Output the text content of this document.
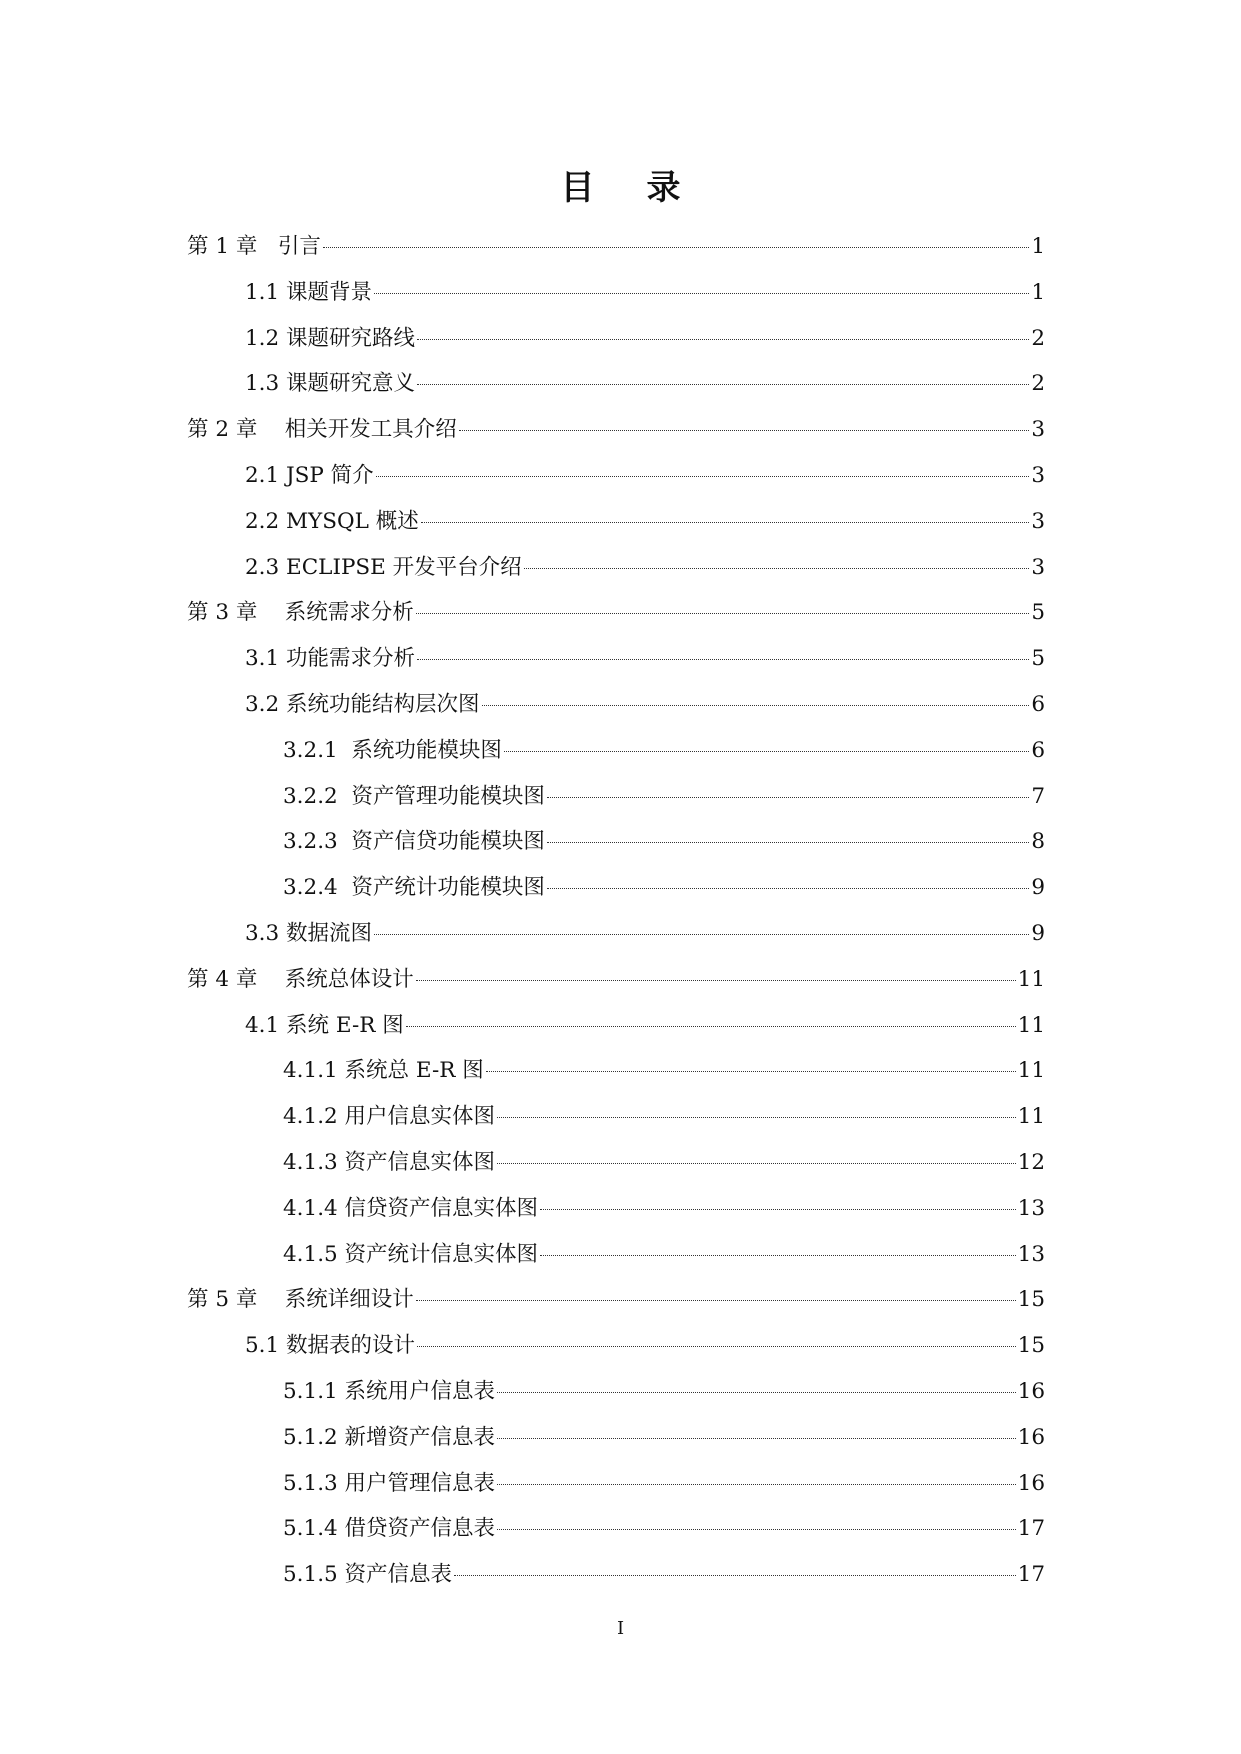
目录
第 1 章 引言	1
1.1 课题背景	1
1.2 课题研究路线	2
1.3 课题研究意义	2
第 2 章 相关开发工具介绍	3
2.1 JSP 简介	3
2.2 MYSQL 概述	3
2.3 ECLIPSE 开发平台介绍	3
第 3 章 系统需求分析	5
3.1 功能需求分析	5
3.2 系统功能结构层次图	6
3.2.1 系统功能模块图	6
3.2.2 资产管理功能模块图	7
3.2.3 资产信贷功能模块图	8
3.2.4 资产统计功能模块图	9
3.3 数据流图	9
第 4 章 系统总体设计	11
4.1 系统 E-R 图	11
4.1.1 系统总 E-R 图	11
4.1.2 用户信息实体图	11
4.1.3 资产信息实体图	12
4.1.4 信贷资产信息实体图	13
4.1.5 资产统计信息实体图	13
第 5 章 系统详细设计	15
5.1 数据表的设计	15
5.1.1 系统用户信息表	16
5.1.2 新增资产信息表	16
5.1.3 用户管理信息表	16
5.1.4 借贷资产信息表	17
5.1.5 资产信息表	17
I
